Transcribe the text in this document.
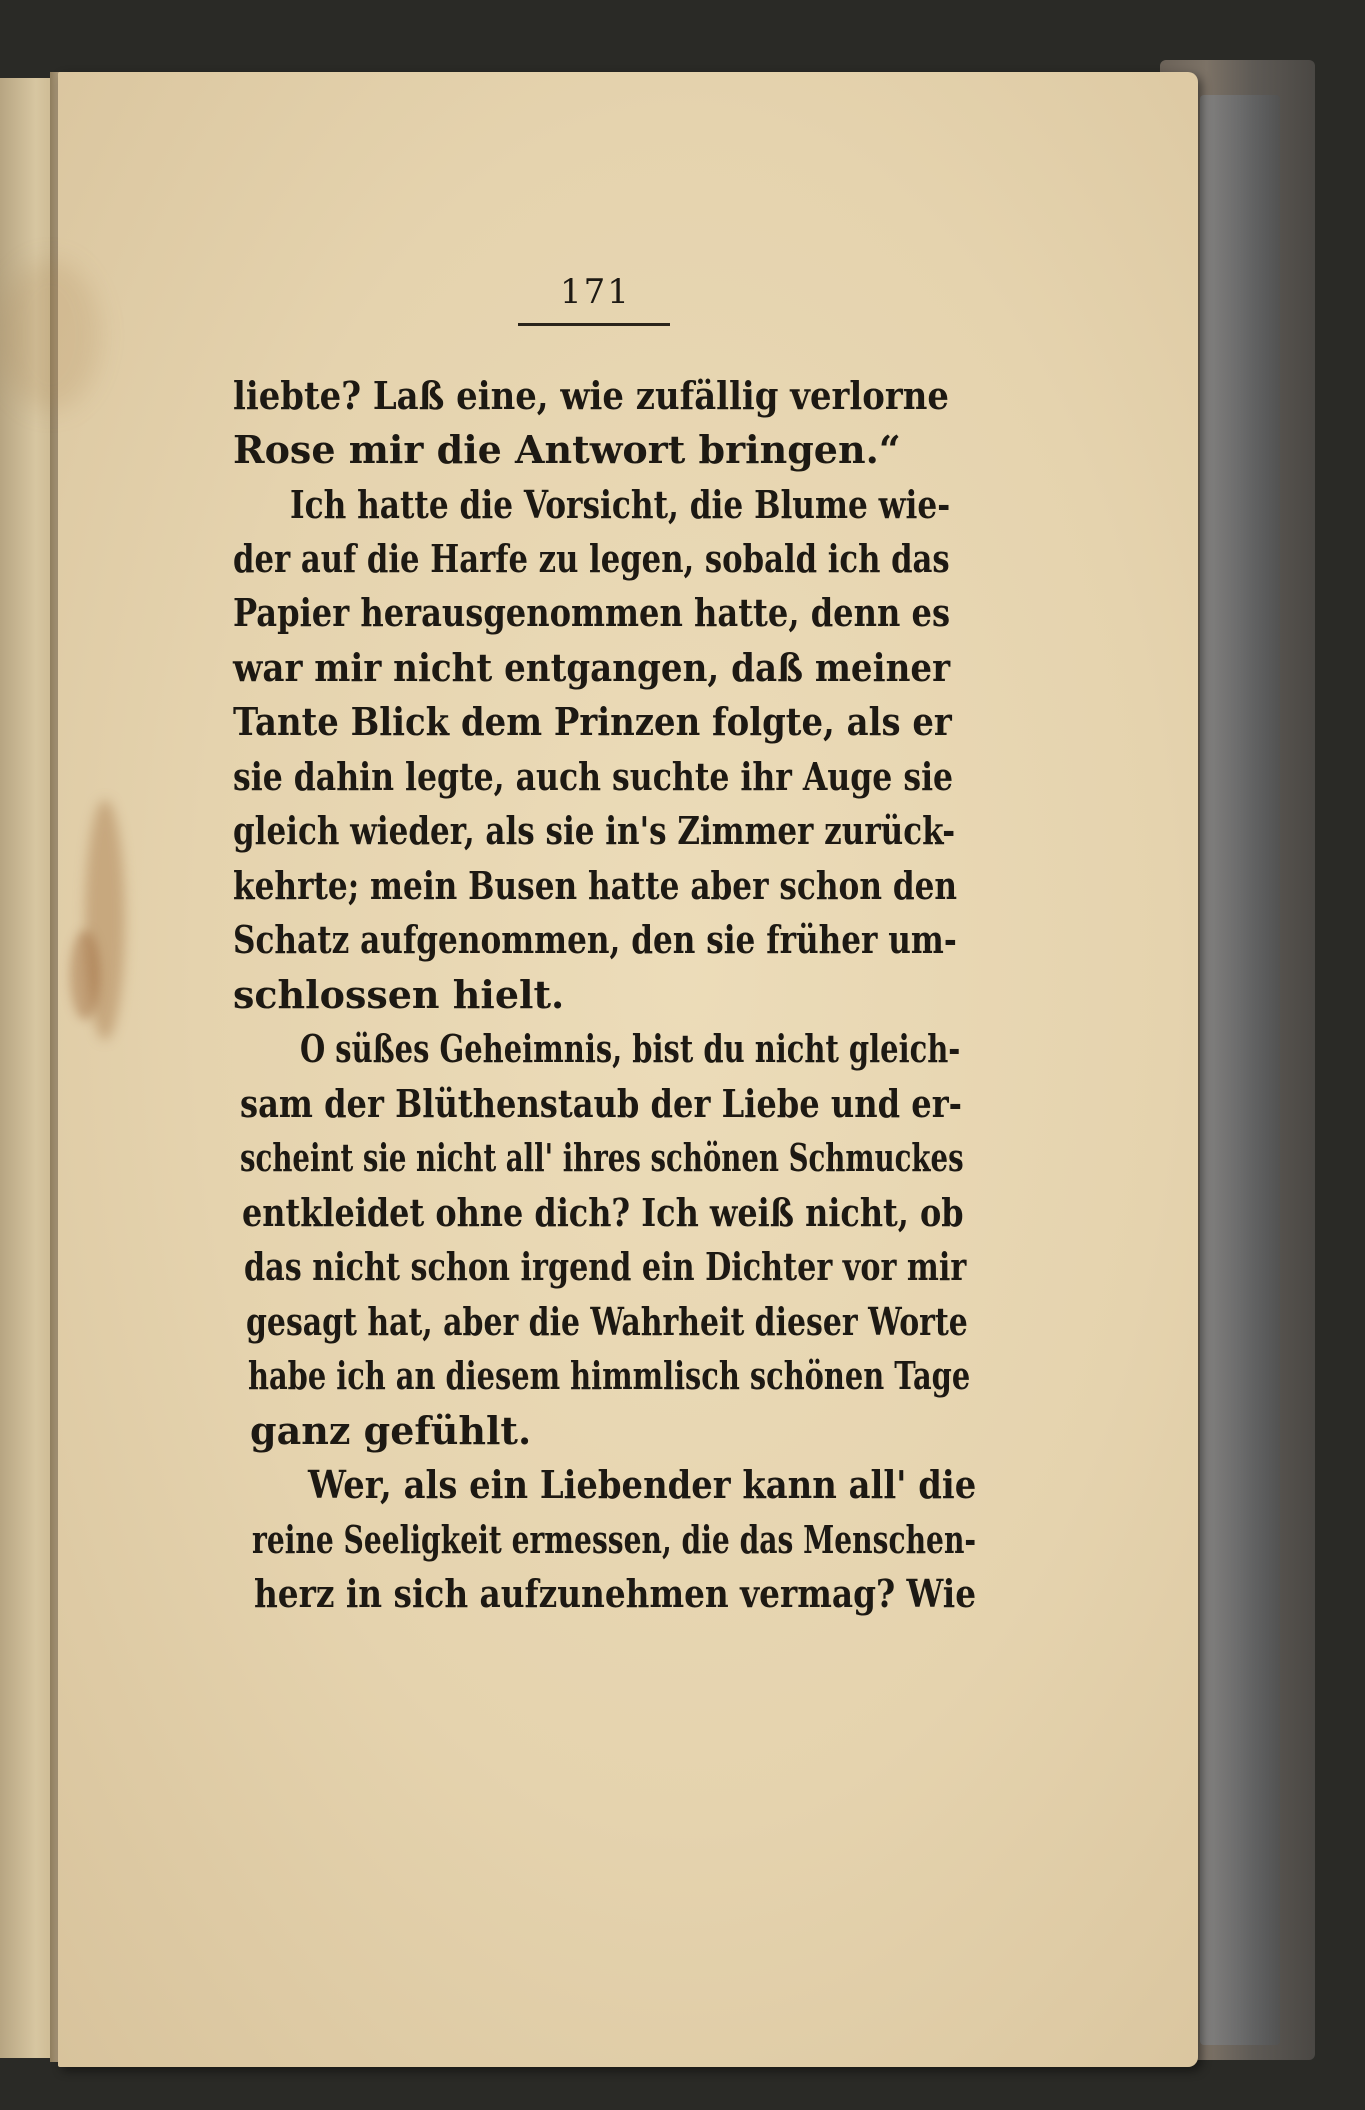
171
liebte? Laß eine, wie zufällig verlorne
Rose mir die Antwort bringen.“
Ich hatte die Vorsicht, die Blume wie-
der auf die Harfe zu legen, sobald ich das
Papier herausgenommen hatte, denn es
war mir nicht entgangen, daß meiner
Tante Blick dem Prinzen folgte, als er
sie dahin legte, auch suchte ihr Auge sie
gleich wieder, als sie in's Zimmer zurück-
kehrte; mein Busen hatte aber schon den
Schatz aufgenommen, den sie früher um-
schlossen hielt.
O süßes Geheimnis, bist du nicht gleich-
sam der Blüthenstaub der Liebe und er-
scheint sie nicht all' ihres schönen Schmuckes
entkleidet ohne dich? Ich weiß nicht, ob
das nicht schon irgend ein Dichter vor mir
gesagt hat, aber die Wahrheit dieser Worte
habe ich an diesem himmlisch schönen Tage
ganz gefühlt.
Wer, als ein Liebender kann all' die
reine Seeligkeit ermessen, die das Menschen-
herz in sich aufzunehmen vermag? Wie
